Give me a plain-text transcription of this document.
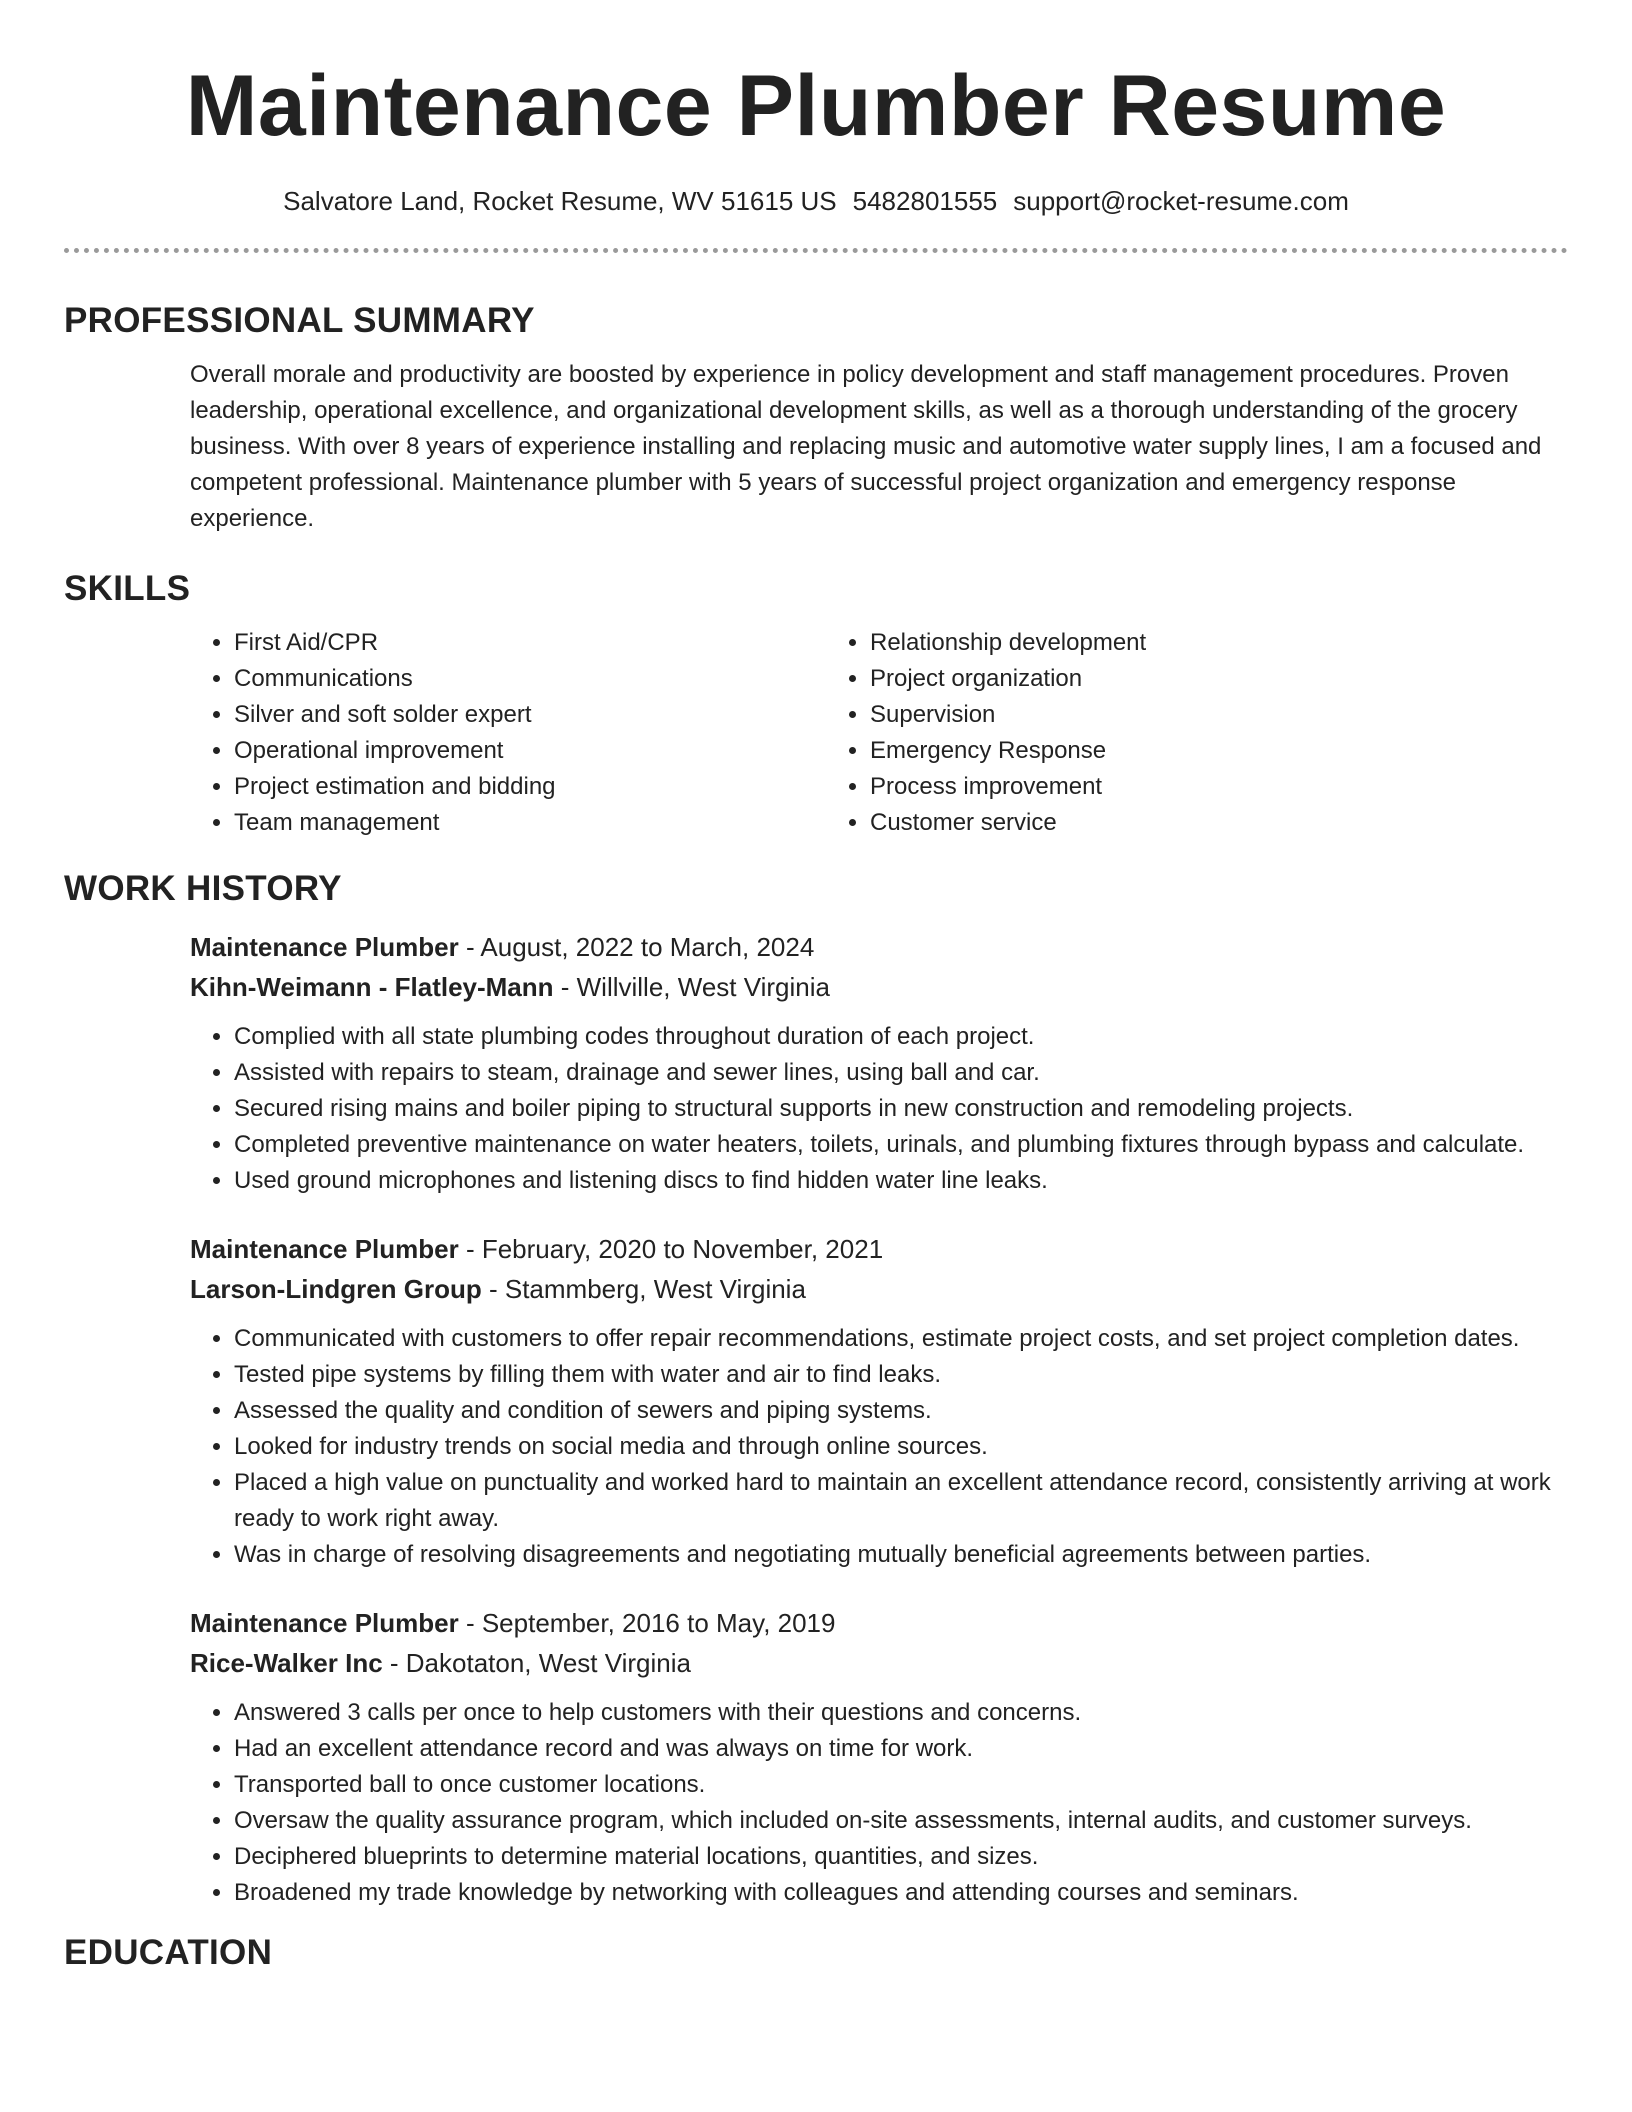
Maintenance Plumber Resume
Salvatore Land, Rocket Resume, WV 51615 US 5482801555 support@rocket-resume.com
PROFESSIONAL SUMMARY
Overall morale and productivity are boosted by experience in policy development and staff management procedures. Proven leadership, operational excellence, and organizational development skills, as well as a thorough understanding of the grocery business. With over 8 years of experience installing and replacing music and automotive water supply lines, I am a focused and competent professional. Maintenance plumber with 5 years of successful project organization and emergency response experience.
SKILLS
• First Aid/CPR
• Communications
• Silver and soft solder expert
• Operational improvement
• Project estimation and bidding
• Team management
• Relationship development
• Project organization
• Supervision
• Emergency Response
• Process improvement
• Customer service
WORK HISTORY
Maintenance Plumber - August, 2022 to March, 2024
Kihn-Weimann - Flatley-Mann - Willville, West Virginia
• Complied with all state plumbing codes throughout duration of each project.
• Assisted with repairs to steam, drainage and sewer lines, using ball and car.
• Secured rising mains and boiler piping to structural supports in new construction and remodeling projects.
• Completed preventive maintenance on water heaters, toilets, urinals, and plumbing fixtures through bypass and calculate.
• Used ground microphones and listening discs to find hidden water line leaks.
Maintenance Plumber - February, 2020 to November, 2021
Larson-Lindgren Group - Stammberg, West Virginia
• Communicated with customers to offer repair recommendations, estimate project costs, and set project completion dates.
• Tested pipe systems by filling them with water and air to find leaks.
• Assessed the quality and condition of sewers and piping systems.
• Looked for industry trends on social media and through online sources.
• Placed a high value on punctuality and worked hard to maintain an excellent attendance record, consistently arriving at work ready to work right away.
• Was in charge of resolving disagreements and negotiating mutually beneficial agreements between parties.
Maintenance Plumber - September, 2016 to May, 2019
Rice-Walker Inc - Dakotaton, West Virginia
• Answered 3 calls per once to help customers with their questions and concerns.
• Had an excellent attendance record and was always on time for work.
• Transported ball to once customer locations.
• Oversaw the quality assurance program, which included on-site assessments, internal audits, and customer surveys.
• Deciphered blueprints to determine material locations, quantities, and sizes.
• Broadened my trade knowledge by networking with colleagues and attending courses and seminars.
EDUCATION
